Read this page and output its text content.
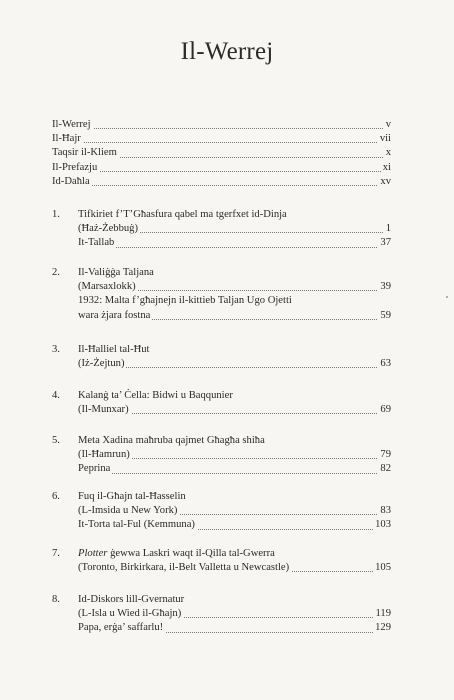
Il-Werrej
Il-Werrej	v
Il-Ħajr	vii
Taqsir il-Kliem	x
Il-Prefazju	xi
Id-Daħla	xv
1. Tifkiriet f’T’Għasfura qabel ma tgerfxet id-Dinja
(Ħaż-Żebbuġ)	1
It-Tallab	37
2. Il-Valiġġa Taljana
(Marsaxlokk)	39
1932: Malta f’għajnejn il-kittieb Taljan Ugo Ojetti
wara żjara fostna	59
3. Il-Ħalliel tal-Ħut
(Iż-Żejtun)	63
4. Kalanġ ta’ Ċella: Bidwi u Baqqunier
(Il-Munxar)	69
5. Meta Xadina maħruba qajmet Għagħa shiħa
(Il-Ħamrun)	79
Peprina	82
6. Fuq il-Għajn tal-Ħasselin
(L-Imsida u New York)	83
It-Torta tal-Ful (Kemmuna)	103
7. Plotter ġewwa Laskri waqt il-Qilla tal-Gwerra
(Toronto, Birkirkara, il-Belt Valletta u Newcastle)	105
8. Id-Diskors lill-Gvernatur
(L-Isla u Wied il-Għajn)	119
Papa, erġa’ saffarlu!	129
